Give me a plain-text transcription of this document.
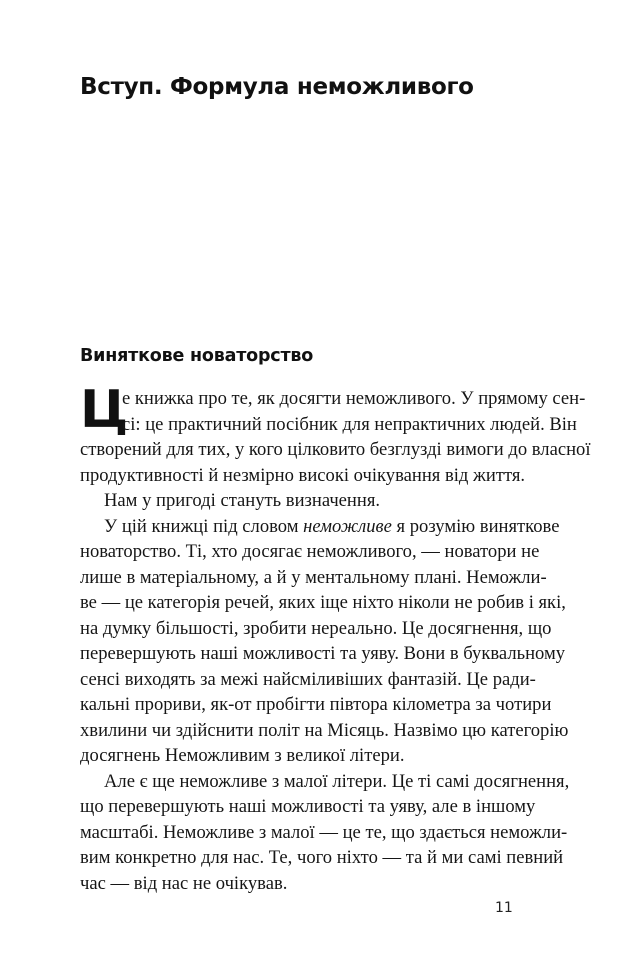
Вступ. Формула неможливого
Виняткове новаторство
Ц
е книжка про те, як досягти неможливого. У прямому сен-
сі: це практичний посібник для непрактичних людей. Він
створений для тих, у кого цілковито безглузді вимоги до власної
продуктивності й незмірно високі очікування від життя.
Нам у пригоді стануть визначення.
У цій книжці під словом неможливе я розумію виняткове
новаторство. Ті, хто досягає неможливого, — новатори не
лише в матеріальному, а й у ментальному плані. Неможли-
ве — це категорія речей, яких іще ніхто ніколи не робив і які,
на думку більшості, зробити нереально. Це досягнення, що
перевершують наші можливості та уяву. Вони в буквальному
сенсі виходять за межі найсміливіших фантазій. Це ради-
кальні прориви, як-от пробігти півтора кілометра за чотири
хвилини чи здійснити політ на Місяць. Назвімо цю категорію
досягнень Неможливим з великої літери.
Але є ще неможливе з малої літери. Це ті самі досягнення,
що перевершують наші можливості та уяву, але в іншому
масштабі. Неможливе з малої — це те, що здається неможли-
вим конкретно для нас. Те, чого ніхто — та й ми самі певний
час — від нас не очікував.
11
